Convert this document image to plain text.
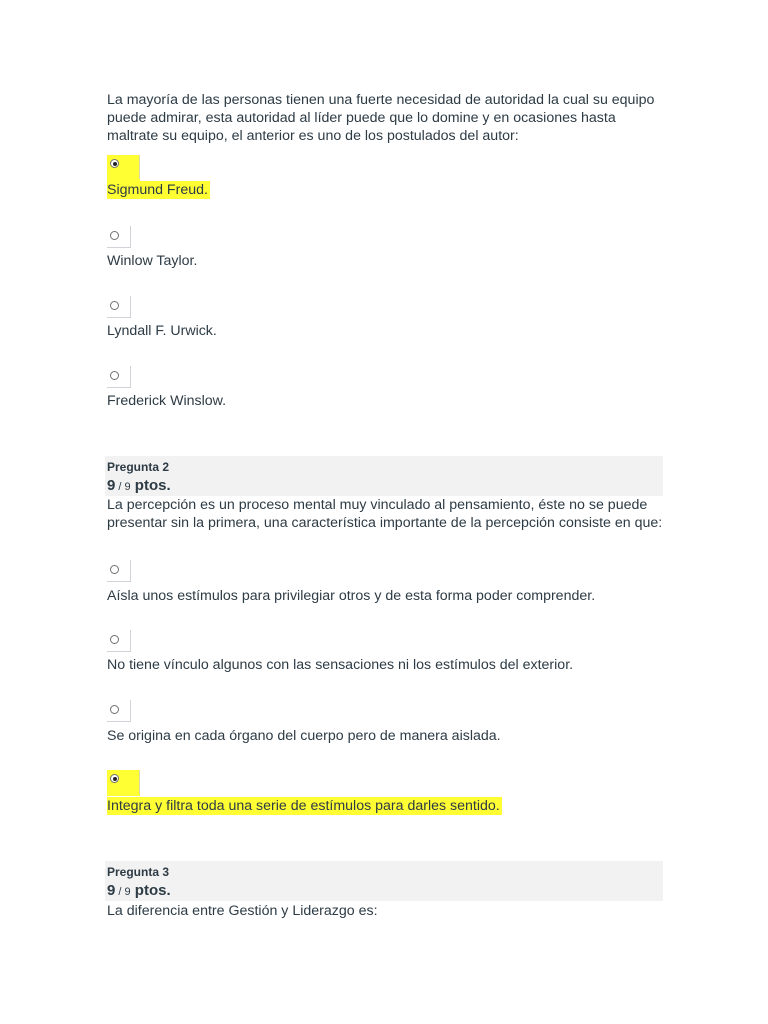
La mayoría de las personas tienen una fuerte necesidad de autoridad la cual su equipo puede admirar, esta autoridad al líder puede que lo domine y en ocasiones hasta maltrate su equipo, el anterior es uno de los postulados del autor:
Sigmund Freud.
Winlow Taylor.
Lyndall F. Urwick.
Frederick Winslow.
Pregunta 2
9 / 9 ptos.
La percepción es un proceso mental muy vinculado al pensamiento, éste no se puede presentar sin la primera, una característica importante de la percepción consiste en que:
Aísla unos estímulos para privilegiar otros y de esta forma poder comprender.
No tiene vínculo algunos con las sensaciones ni los estímulos del exterior.
Se origina en cada órgano del cuerpo pero de manera aislada.
Integra y filtra toda una serie de estímulos para darles sentido.
Pregunta 3
9 / 9 ptos.
La diferencia entre Gestión y Liderazgo es:
